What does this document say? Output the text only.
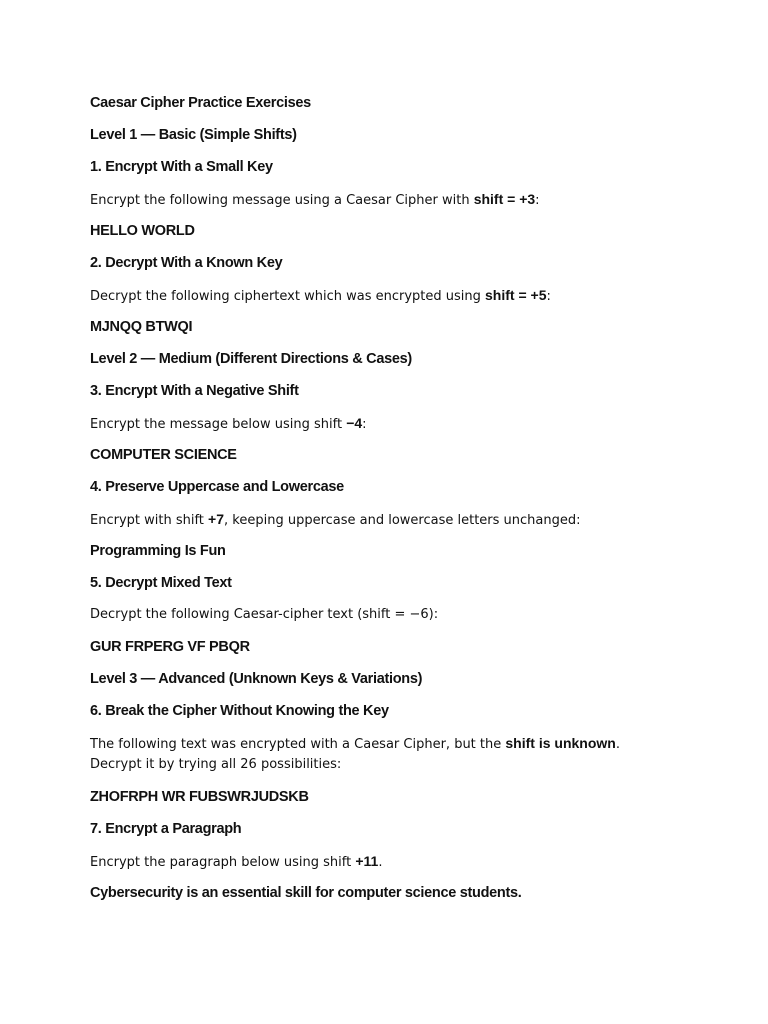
Caesar Cipher Practice Exercises
Level 1 — Basic (Simple Shifts)
1. Encrypt With a Small Key
Encrypt the following message using a Caesar Cipher with shift = +3:
HELLO WORLD
2. Decrypt With a Known Key
Decrypt the following ciphertext which was encrypted using shift = +5:
MJNQQ BTWQI
Level 2 — Medium (Different Directions & Cases)
3. Encrypt With a Negative Shift
Encrypt the message below using shift −4:
COMPUTER SCIENCE
4. Preserve Uppercase and Lowercase
Encrypt with shift +7, keeping uppercase and lowercase letters unchanged:
Programming Is Fun
5. Decrypt Mixed Text
Decrypt the following Caesar-cipher text (shift = −6):
GUR FRPERG VF PBQR
Level 3 — Advanced (Unknown Keys & Variations)
6. Break the Cipher Without Knowing the Key
The following text was encrypted with a Caesar Cipher, but the shift is unknown.
Decrypt it by trying all 26 possibilities:
ZHOFRPH WR FUBSWRJUDSKB
7. Encrypt a Paragraph
Encrypt the paragraph below using shift +11.
Cybersecurity is an essential skill for computer science students.
